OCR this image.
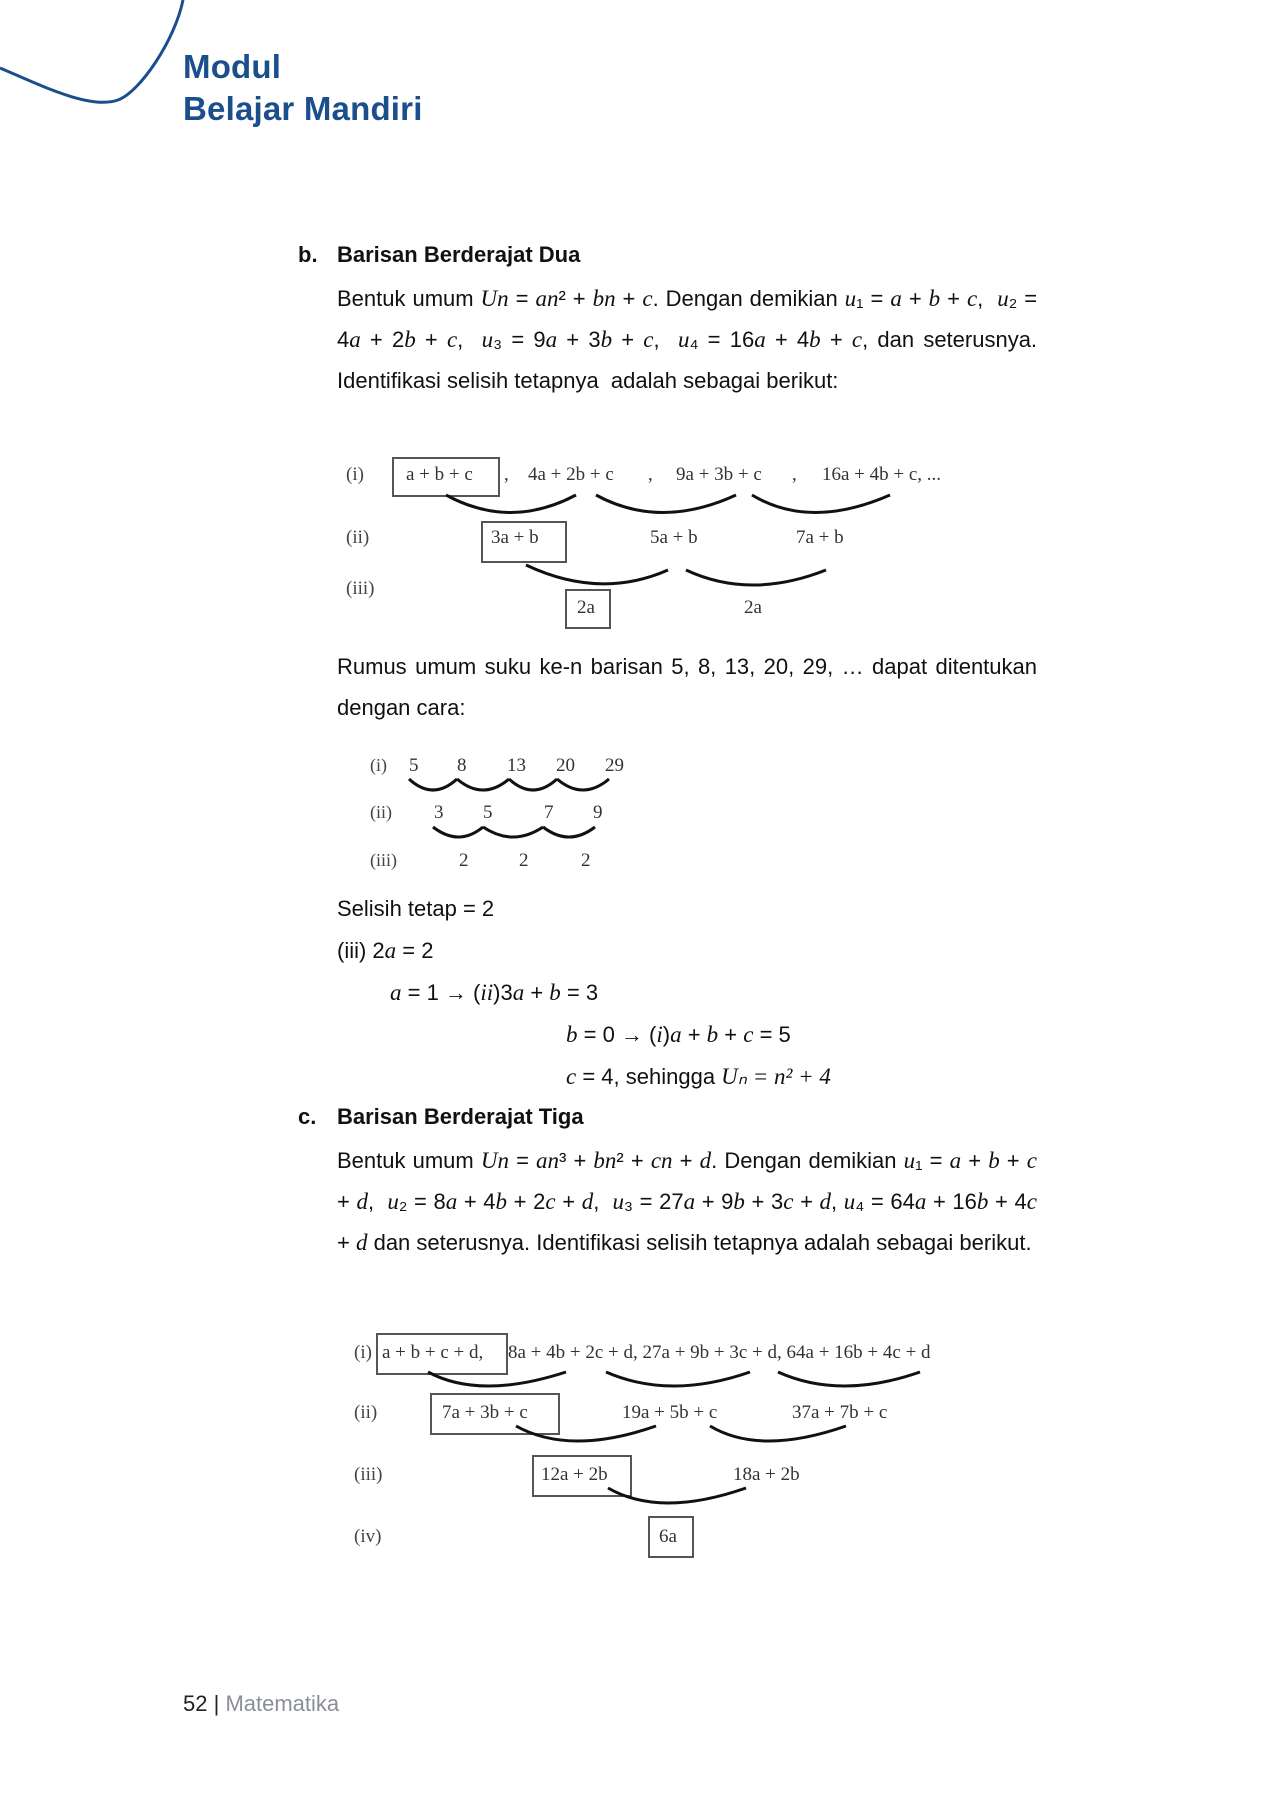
Modul
Belajar Mandiri
b. Barisan Berderajat Dua
Bentuk umum Un = an² + bn + c. Dengan demikian u₁ = a + b + c,  u₂ = 4a + 2b + c,  u₃ = 9a + 3b + c,  u₄ = 16a + 4b + c, dan seterusnya. Identifikasi selisih tetapnya  adalah sebagai berikut:
(i)
(ii)
(iii)
a + b + c , 4a + 2b + c , 9a + 3b + c , 16a + 4b + c, ...
3a + b	5a + b	7a + b
2a	2a
Rumus umum suku ke-n barisan 5, 8, 13, 20, 29, … dapat ditentukan dengan cara:
(i)
(ii)
(iii)
5 8 13 20 29
3 5	7 9
2	2	2
Selisih tetap = 2
(iii) 2a = 2
a = 1 → (ii)3a + b = 3
b = 0 → (i)a + b + c = 5
c = 4, sehingga Uₙ = n² + 4
c. Barisan Berderajat Tiga
Bentuk umum Un = an³ + bn² + cn + d. Dengan demikian u₁ = a + b + c + d,  u₂ = 8a + 4b + 2c + d,  u₃ = 27a + 9b + 3c + d, u₄ = 64a + 16b + 4c + d dan seterusnya. Identifikasi selisih tetapnya adalah sebagai berikut.
(i)
(ii)
(iii)
(iv)
a + b + c + d, 8a + 4b + 2c + d, 27a + 9b + 3c + d, 64a + 16b + 4c + d
7a + 3b + c	19a + 5b + c	37a + 7b + c
12a + 2b	18a + 2b
6a
52 | Matematika
